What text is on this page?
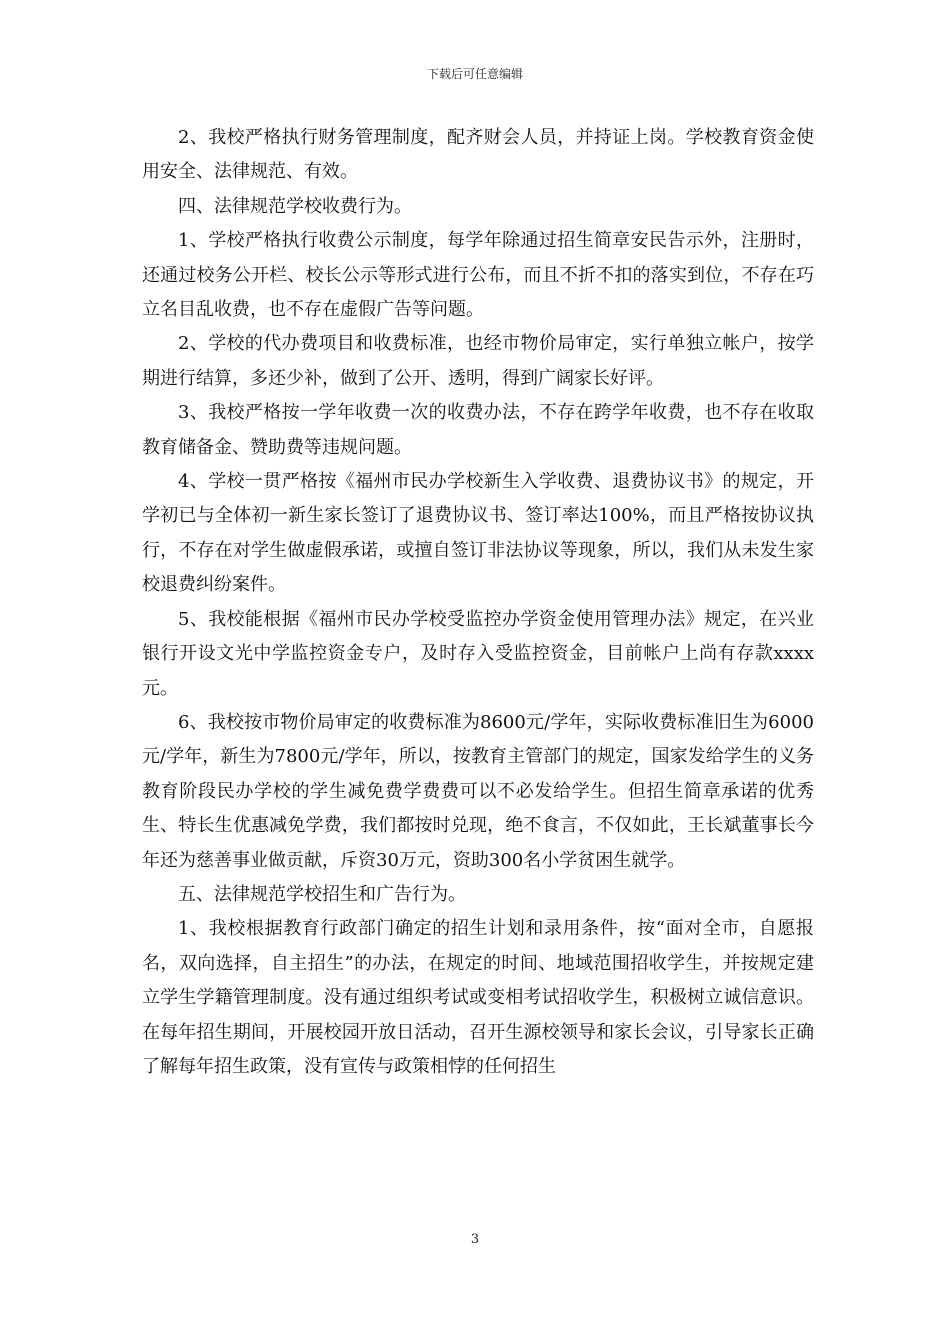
下载后可任意编辑

2、我校严格执行财务管理制度，配齐财会人员，并持证上岗。学校教育资金使用安全、法律规范、有效。

四、法律规范学校收费行为。

1、学校严格执行收费公示制度，每学年除通过招生简章安民告示外，注册时，还通过校务公开栏、校长公示等形式进行公布，而且不折不扣的落实到位，不存在巧立名目乱收费，也不存在虚假广告等问题。

2、学校的代办费项目和收费标准，也经市物价局审定，实行单独立帐户，按学期进行结算，多还少补，做到了公开、透明，得到广阔家长好评。

3、我校严格按一学年收费一次的收费办法，不存在跨学年收费，也不存在收取教育储备金、赞助费等违规问题。

4、学校一贯严格按《福州市民办学校新生入学收费、退费协议书》的规定，开学初已与全体初一新生家长签订了退费协议书、签订率达100%，而且严格按协议执行，不存在对学生做虚假承诺，或擅自签订非法协议等现象，所以，我们从未发生家校退费纠纷案件。

5、我校能根据《福州市民办学校受监控办学资金使用管理办法》规定，在兴业银行开设文光中学监控资金专户，及时存入受监控资金，目前帐户上尚有存款xxxx元。

6、我校按市物价局审定的收费标准为8600元/学年，实际收费标准旧生为6000元/学年，新生为7800元/学年，所以，按教育主管部门的规定，国家发给学生的义务教育阶段民办学校的学生减免费学费费可以不必发给学生。但招生简章承诺的优秀生、特长生优惠减免学费，我们都按时兑现，绝不食言，不仅如此，王长斌董事长今年还为慈善事业做贡献，斥资30万元，资助300名小学贫困生就学。

五、法律规范学校招生和广告行为。

1、我校根据教育行政部门确定的招生计划和录用条件，按“面对全市，自愿报名，双向选择，自主招生”的办法，在规定的时间、地域范围招收学生，并按规定建立学生学籍管理制度。没有通过组织考试或变相考试招收学生，积极树立诚信意识。在每年招生期间，开展校园开放日活动，召开生源校领导和家长会议，引导家长正确了解每年招生政策，没有宣传与政策相悖的任何招生

3
